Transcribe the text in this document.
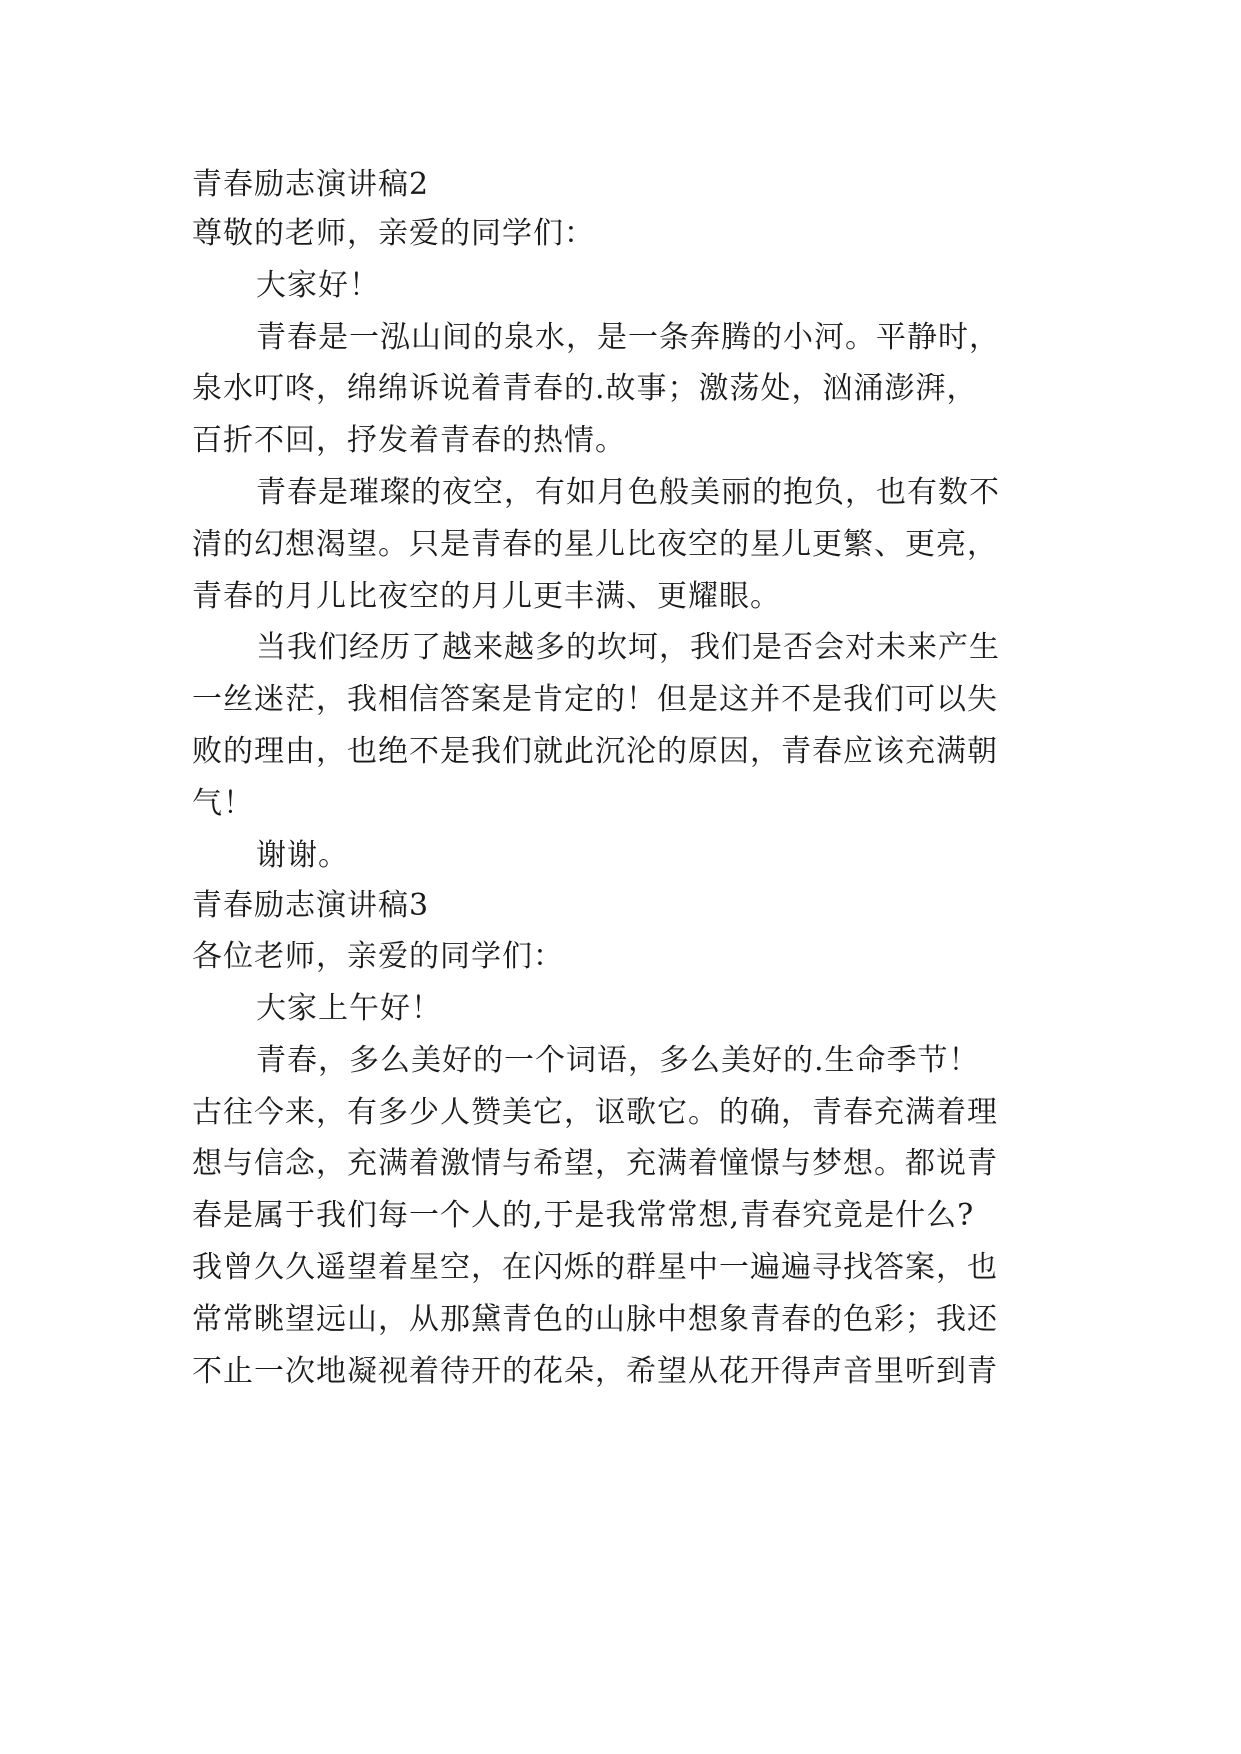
青春励志演讲稿2
尊敬的老师，亲爱的同学们：
大家好！
青春是一泓山间的泉水，是一条奔腾的小河。平静时，
泉水叮咚，绵绵诉说着青春的.故事；激荡处，汹涌澎湃，
百折不回，抒发着青春的热情。
青春是璀璨的夜空，有如月色般美丽的抱负，也有数不
清的幻想渴望。只是青春的星儿比夜空的星儿更繁、更亮，
青春的月儿比夜空的月儿更丰满、更耀眼。
当我们经历了越来越多的坎坷，我们是否会对未来产生
一丝迷茫，我相信答案是肯定的！但是这并不是我们可以失
败的理由，也绝不是我们就此沉沦的原因，青春应该充满朝
气！
谢谢。
青春励志演讲稿3
各位老师，亲爱的同学们：
大家上午好！
青春，多么美好的一个词语，多么美好的.生命季节！
古往今来，有多少人赞美它，讴歌它。的确，青春充满着理
想与信念，充满着激情与希望，充满着憧憬与梦想。都说青
春是属于我们每一个人的,于是我常常想,青春究竟是什么?
我曾久久遥望着星空，在闪烁的群星中一遍遍寻找答案，也
常常眺望远山，从那黛青色的山脉中想象青春的色彩；我还
不止一次地凝视着待开的花朵，希望从花开得声音里听到青
